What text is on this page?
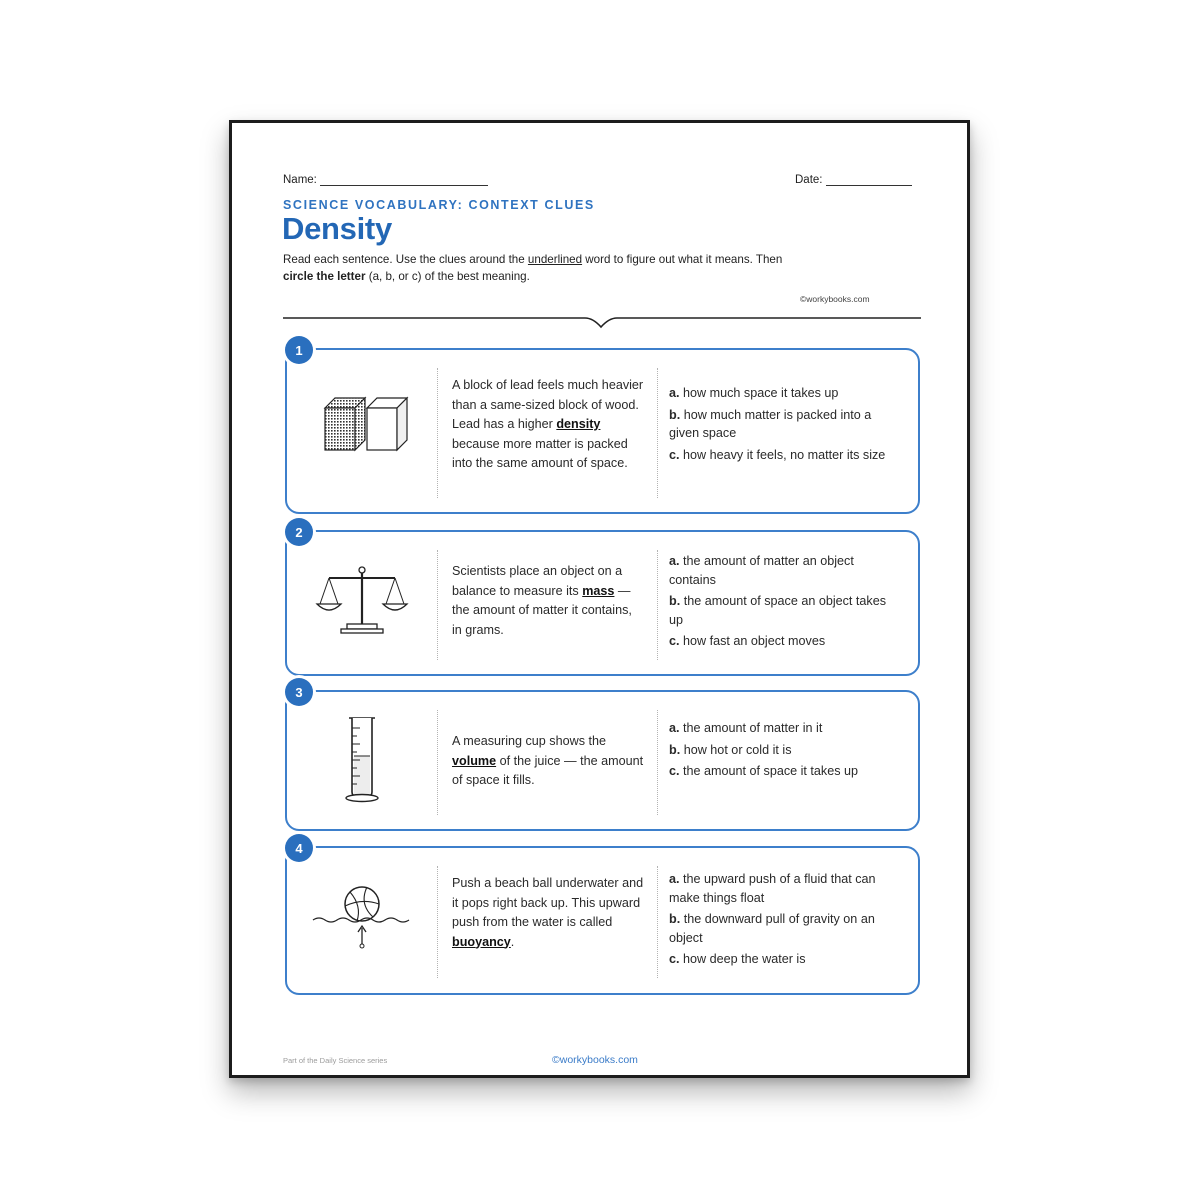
Name:	Date:
SCIENCE VOCABULARY: CONTEXT CLUES
Density
Read each sentence. Use the clues around the underlined word to figure out what it means. Then
circle the letter (a, b, or c) of the best meaning.
©workybooks.com
1
A block of lead feels much heavier than a same-sized block of wood. Lead has a higher density because more matter is packed into the same amount of space.
a. how much space it takes up
b. how much matter is packed into a given space
c. how heavy it feels, no matter its size
2
Scientists place an object on a balance to measure its mass — the amount of matter it contains, in grams.
a. the amount of matter an object contains
b. the amount of space an object takes up
c. how fast an object moves
3
A measuring cup shows the volume of the juice — the amount of space it fills.
a. the amount of matter in it
b. how hot or cold it is
c. the amount of space it takes up
4
Push a beach ball underwater and it pops right back up. This upward push from the water is called buoyancy.
a. the upward push of a fluid that can make things float
b. the downward pull of gravity on an object
c. how deep the water is
Part of the Daily Science series	©workybooks.com
